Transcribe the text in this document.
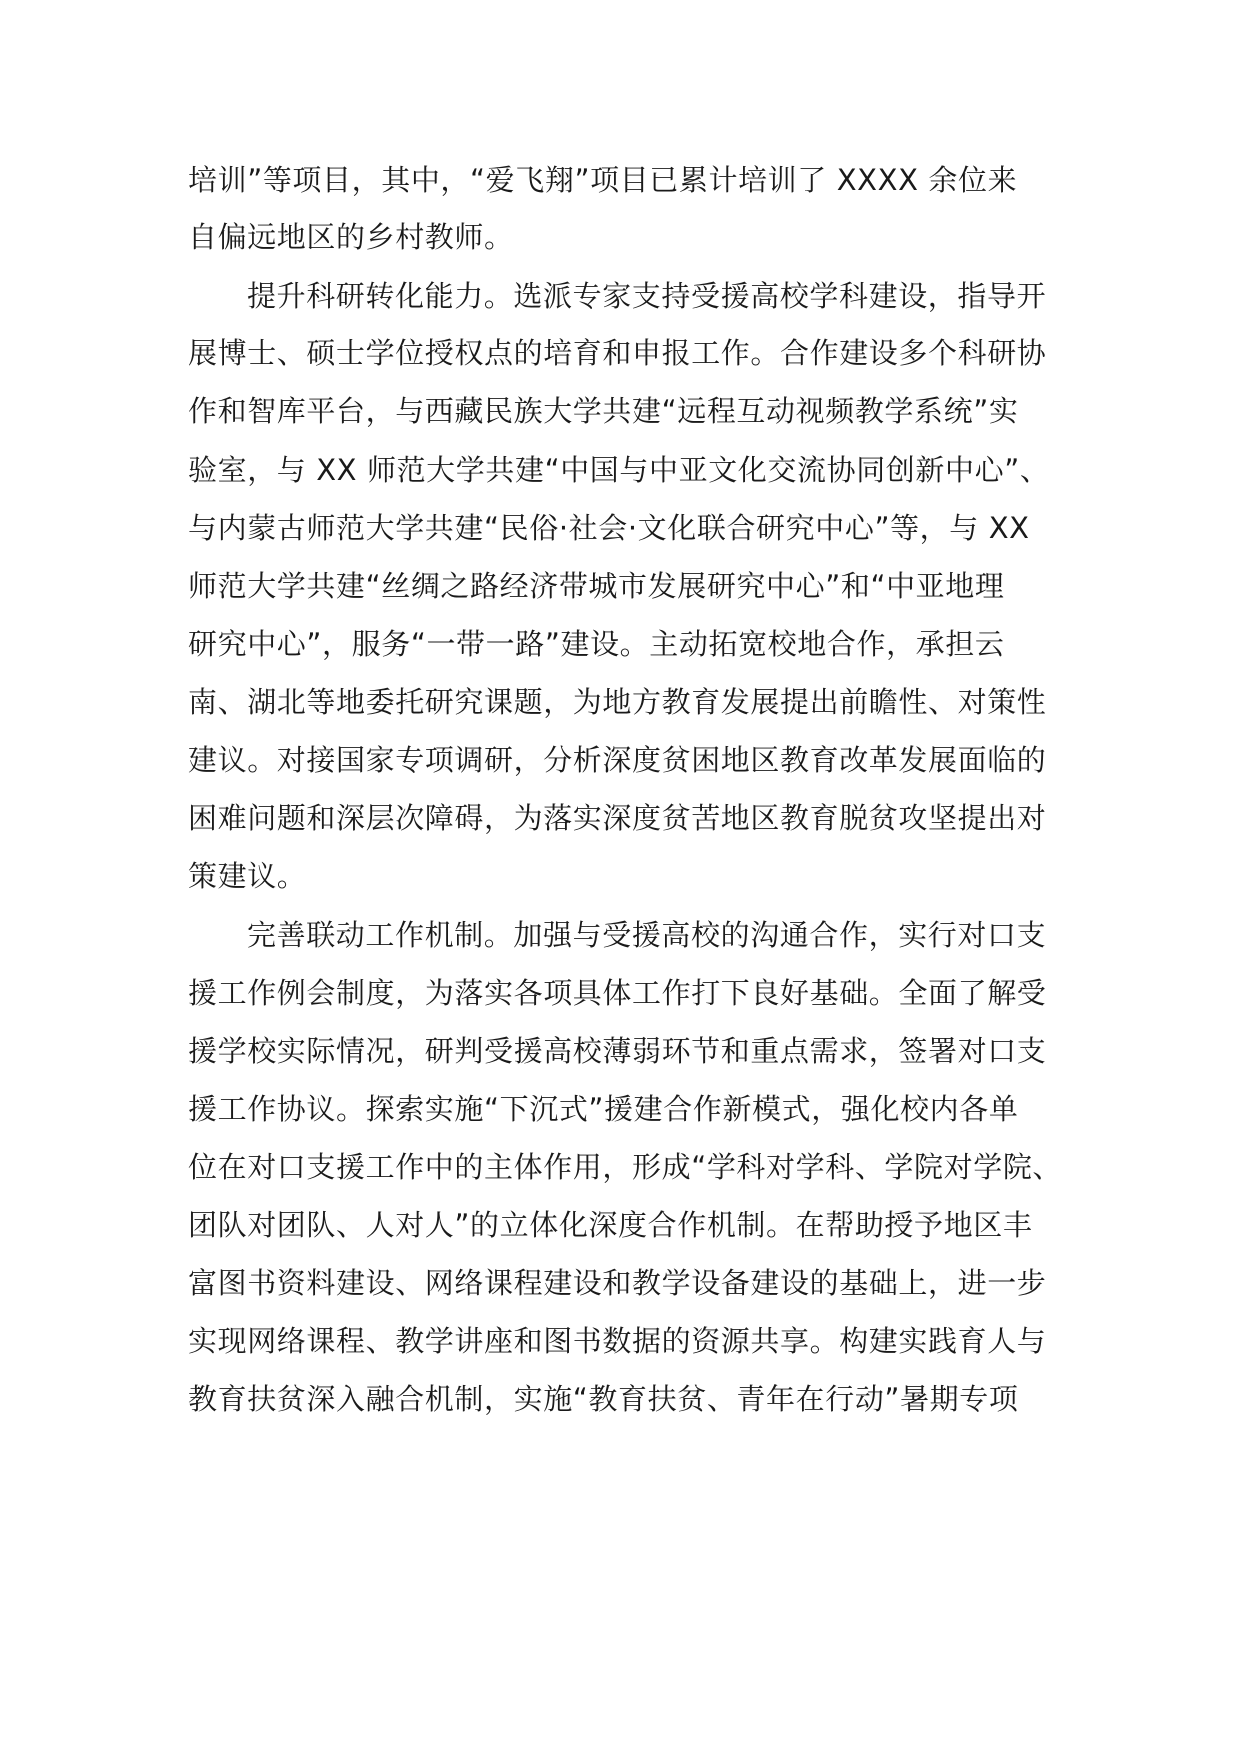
培训”等项目，其中，“爱飞翔”项目已累计培训了 XXXX 余位来
自偏远地区的乡村教师。
提升科研转化能力。选派专家支持受援高校学科建设，指导开
展博士、硕士学位授权点的培育和申报工作。合作建设多个科研协
作和智库平台，与西藏民族大学共建“远程互动视频教学系统”实
验室，与 XX 师范大学共建“中国与中亚文化交流协同创新中心”、
与内蒙古师范大学共建“民俗·社会·文化联合研究中心”等，与 XX
师范大学共建“丝绸之路经济带城市发展研究中心”和“中亚地理
研究中心”，服务“一带一路”建设。主动拓宽校地合作，承担云
南、湖北等地委托研究课题，为地方教育发展提出前瞻性、对策性
建议。对接国家专项调研，分析深度贫困地区教育改革发展面临的
困难问题和深层次障碍，为落实深度贫苦地区教育脱贫攻坚提出对
策建议。
完善联动工作机制。加强与受援高校的沟通合作，实行对口支
援工作例会制度，为落实各项具体工作打下良好基础。全面了解受
援学校实际情况，研判受援高校薄弱环节和重点需求，签署对口支
援工作协议。探索实施“下沉式”援建合作新模式，强化校内各单
位在对口支援工作中的主体作用，形成“学科对学科、学院对学院、
团队对团队、人对人”的立体化深度合作机制。在帮助授予地区丰
富图书资料建设、网络课程建设和教学设备建设的基础上，进一步
实现网络课程、教学讲座和图书数据的资源共享。构建实践育人与
教育扶贫深入融合机制，实施“教育扶贫、青年在行动”暑期专项
